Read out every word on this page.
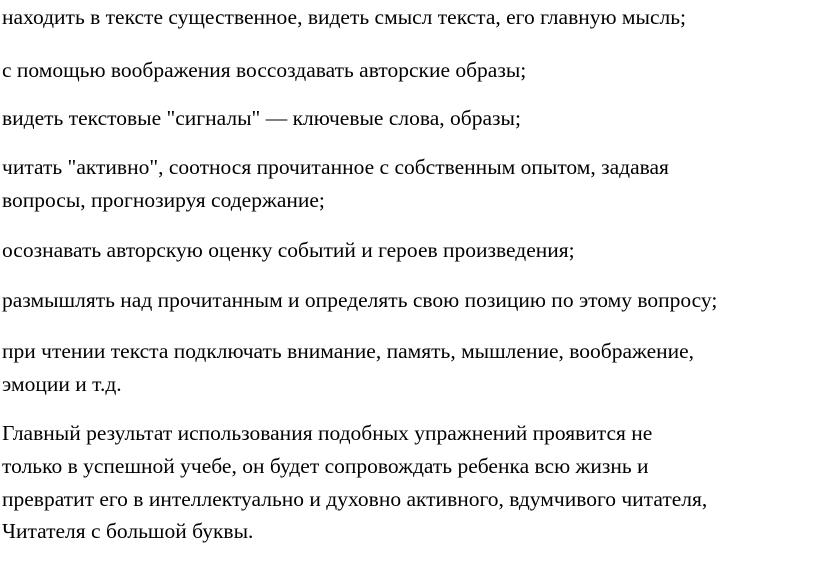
находить в тексте существенное, видеть смысл текста, его главную мысль;
с помощью воображения воссоздавать авторские образы;
видеть текстовые "сигналы" — ключевые слова, образы;
читать "активно", соотнося прочитанное с собственным опытом, задавая
вопросы, прогнозируя содержание;
осознавать авторскую оценку событий и героев произведения;
размышлять над прочитанным и определять свою позицию по этому вопросу;
при чтении текста подключать внимание, память, мышление, воображение,
эмоции и т.д.
Главный результат использования подобных упражнений проявится не
только в успешной учебе, он будет сопровождать ребенка всю жизнь и
превратит его в интеллектуально и духовно активного, вдумчивого читателя,
Читателя с большой буквы.
